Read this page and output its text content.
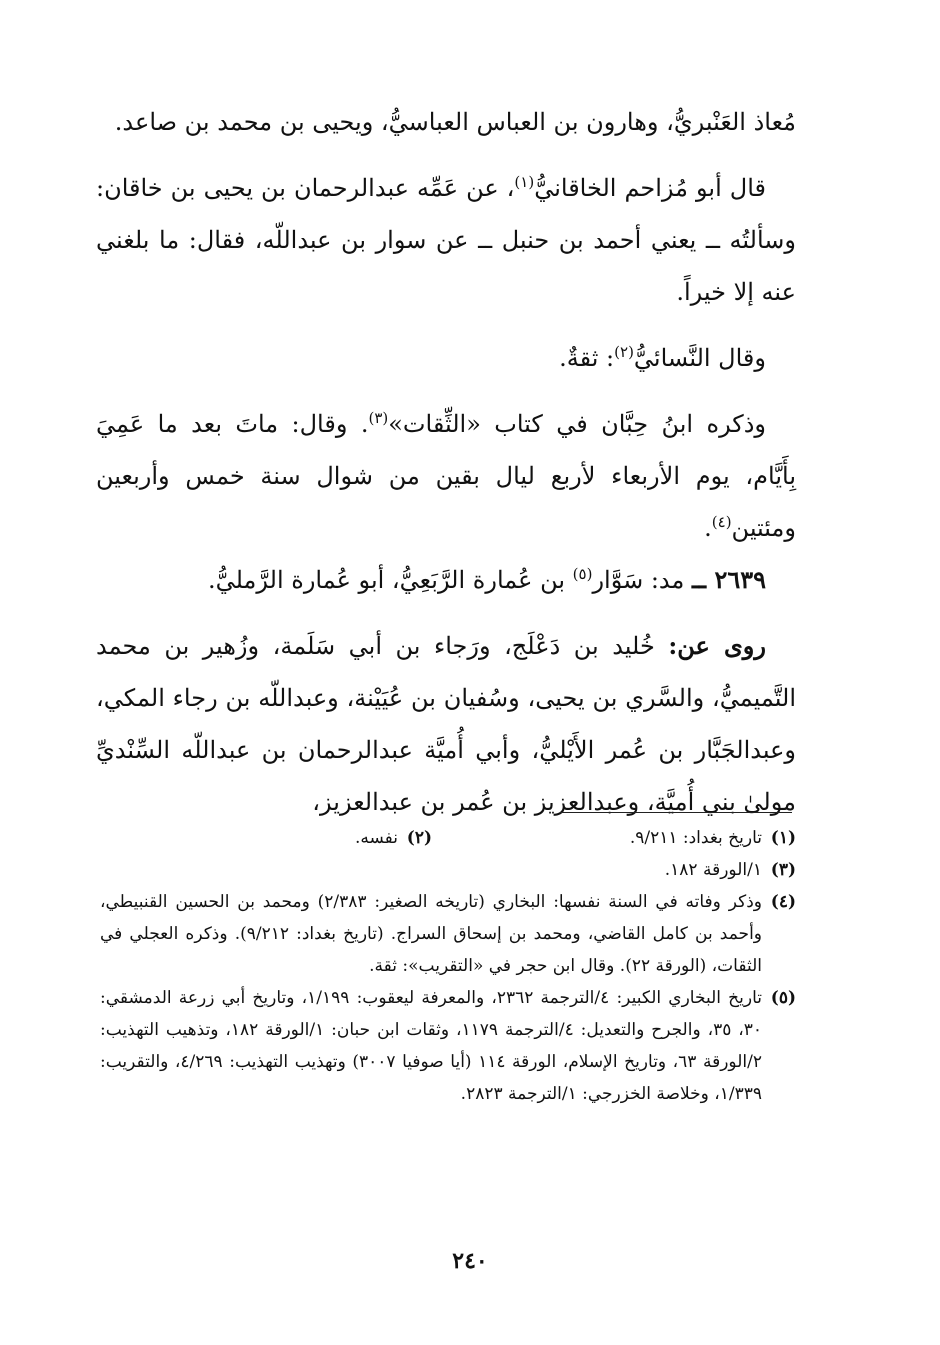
مُعاذ العَنْبريُّ، وهارون بن العباس العباسيُّ، ويحيى بن محمد بن صاعد.

قال أبو مُزاحم الخاقانيُّ$^{(١)}$، عن عَمِّه عبدالرحمان بن يحيى بن خاقان: وسألتُه ــ يعني أحمد بن حنبل ــ عن سوار بن عبداللّه، فقال: ما بلغني عنه إلا خيراً.

وقال النَّسائيُّ$^{(٢)}$: ثقةٌ.

وذكره ابنُ حِبَّان في كتاب «الثِّقات»$^{(٣)}$. وقال: ماتَ بعد ما عَمِيَ بِأَيَّام، يوم الأربعاء لأربع ليال بقين من شوال سنة خمس وأربعين ومئتين$^{(٤)}$.

٢٦٣٩ ــ مد: سَوَّار$^{(٥)}$ بن عُمارة الرَّبَعِيُّ، أبو عُمارة الرَّمليُّ.

روى عن: خُليد بن دَعْلَج، ورَجاء بن أبي سَلَمة، وزُهير بن محمد التَّميميُّ، والسَّري بن يحيى، وسُفيان بن عُيَيْنة، وعبداللّه بن رجاء المكي، وعبدالجَبَّار بن عُمر الأَيْليُّ، وأبي أُميَّة عبدالرحمان بن عبداللّه السِّنْديِّ مولىٰ بني أُميَّة، وعبدالعزيز بن عُمر بن عبدالعزيز،

(١)
تاريخ بغداد: ٩/٢١١.
(٢)
نفسه.
(٣)
١/الورقة ١٨٢.
(٤)
وذكر وفاته في السنة نفسها: البخاري (تاريخه الصغير: ٢/٣٨٣) ومحمد بن الحسين القنبيطي، وأحمد بن كامل القاضي، ومحمد بن إسحاق السراج. (تاريخ بغداد: ٩/٢١٢). وذكره العجلي في الثقات، (الورقة ٢٢). وقال ابن حجر في «التقريب»: ثقة.
(٥)
تاريخ البخاري الكبير: ٤/الترجمة ٢٣٦٢، والمعرفة ليعقوب: ١/١٩٩، وتاريخ أبي زرعة الدمشقي: ٣٠، ٣٥، والجرح والتعديل: ٤/الترجمة ١١٧٩، وثقات ابن حبان: ١/الورقة ١٨٢، وتذهيب التهذيب: ٢/الورقة ٦٣، وتاريخ الإسلام، الورقة ١١٤ (أيا صوفيا ٣٠٠٧) وتهذيب التهذيب: ٤/٢٦٩، والتقريب: ١/٣٣٩، وخلاصة الخزرجي: ١/الترجمة ٢٨٢٣.
٢٤٠
